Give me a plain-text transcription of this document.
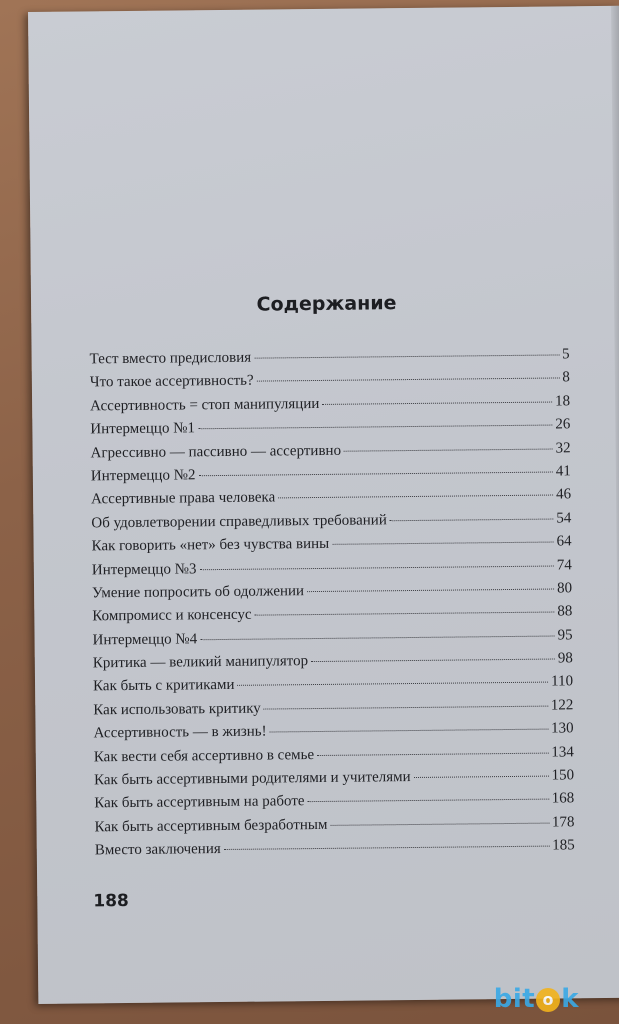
Содержание
Тест вместо предисловия	5
Что такое ассертивность?	8
Ассертивность = стоп манипуляции	18
Интермеццо №1	26
Агрессивно — пассивно — ассертивно	32
Интермеццо №2	41
Ассертивные права человека	46
Об удовлетворении справедливых требований	54
Как говорить «нет» без чувства вины	64
Интермеццо №3	74
Умение попросить об одолжении	80
Компромисс и консенсус	88
Интермеццо №4	95
Критика — великий манипулятор	98
Как быть с критиками	110
Как использовать критику	122
Ассертивность — в жизнь!	130
Как вести себя ассертивно в семье	134
Как быть ассертивными родителями и учителями	150
Как быть ассертивным на работе	168
Как быть ассертивным безработным	178
Вместо заключения	185
188
bit о k
